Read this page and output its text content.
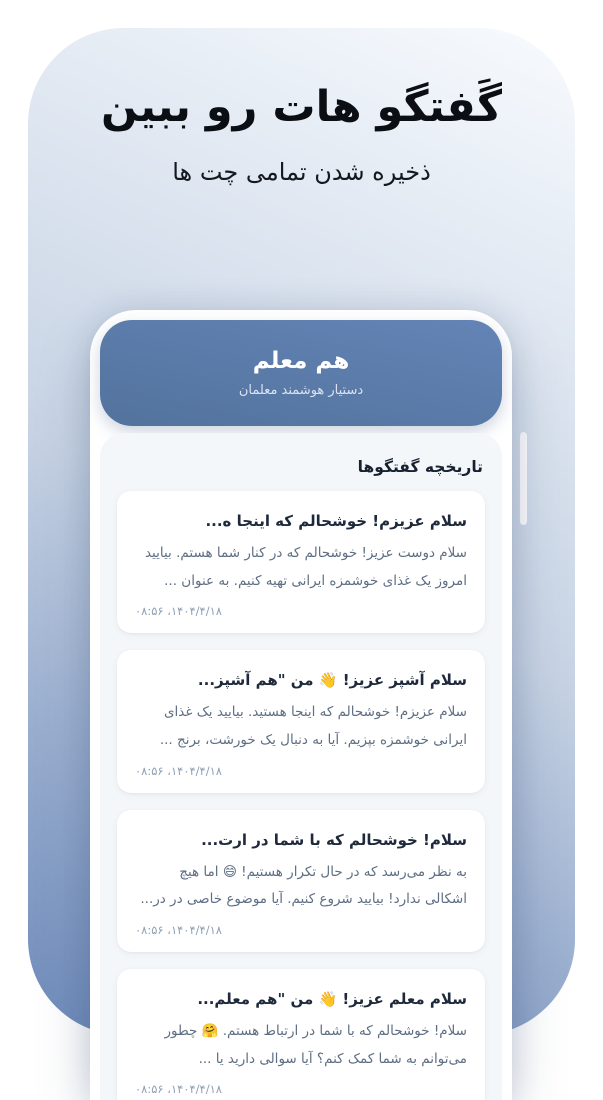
گَفتگو هات رو ببین
ذخیره شدن تمامی چت ها
هم معلم
دستیار هوشمند معلمان
تاریخچه گفتگوها
سلام عزیزم! خوشحالم که اینجا ه...
سلام دوست عزیز! خوشحالم که در کنار شما هستم. بیایید امروز یک غذای خوشمزه ایرانی تهیه کنیم. به عنوان ...
۱۴۰۴/۴/۱۸، ۰۸:۵۶
سلام آشپز عزیز! 👋 من "هم آشپز...
سلام عزیزم! خوشحالم که اینجا هستید. بیایید یک غذای ایرانی خوشمزه بپزیم. آیا به دنبال یک خورشت، برنج ...
۱۴۰۴/۴/۱۸، ۰۸:۵۶
سلام! خوشحالم که با شما در ارت...
به نظر می‌رسد که در حال تکرار هستیم! 😄 اما هیچ اشکالی ندارد! بیایید شروع کنیم. آیا موضوع خاصی در در...
۱۴۰۴/۴/۱۸، ۰۸:۵۶
سلام معلم عزیز! 👋 من "هم معلم...
سلام! خوشحالم که با شما در ارتباط هستم. 🤗 چطور می‌توانم به شما کمک کنم؟ آیا سوالی دارید یا ...
۱۴۰۴/۴/۱۸، ۰۸:۵۶
